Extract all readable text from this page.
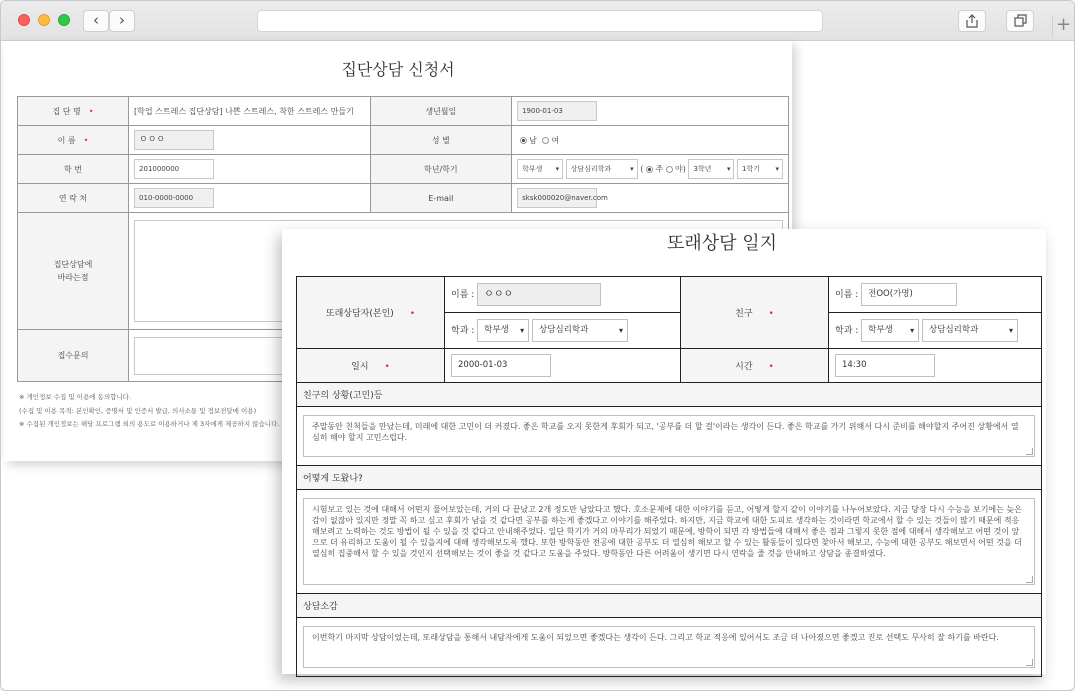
‹	›	+
집단상담 신청서
집 단 명 •	[학업 스트레스 집단상담] 나쁜 스트레스, 착한 스트레스 만들기	생년월일	1900-01-03
이 름 •	ㅇㅇㅇ	성 별	남 여
학 번	201000000	학년/학기	학부생 ▾ 상담심리학과 ▾ ( 주 야) 3학년 ▾ 1학기 ▾
연 락 처	010-0000-0000	E-mail	sksk000020@naver.com
집단상담에
바라는점			

접수문의			
※ 개인정보 수집 및 이용에 동의합니다.
(수집 및 이용 목적: 본인확인, 증명서 및 인증서 발급, 의사소통 및 정보전달에 이용)
※ 수집된 개인정보는 해당 프로그램 외의 용도로 이용하거나 제 3자에게 제공하지 않습니다.
또래상담 일지
또래상담자(본인) •	이름 : ㅇㅇㅇ	친구 •	이름 : 전OO(가명)
	학과 : 학부생 ▾ 상담심리학과 ▾		학과 : 학부생 ▾ 상담심리학과 ▾
일시 •	2000-01-03	시간 •	14:30
친구의 상황(고민)등			

주말동안 친척들을 만났는데, 미래에 대한 고민이 더 커졌다. 좋은 학교를 오지 못한게 후회가 되고, '공부를 더 할 걸'이라는 생각이 든다. 좋은 학교를 가기 위해서 다시 준비를 해야할지 주어진 상황에서 열심히 해야 할지 고민스럽다.			

어떻게 도왔나?			

시험보고 있는 것에 대해서 어떤지 물어보았는데, 거의 다 끝났고 2개 정도만 남았다고 했다. 호소문제에 대한 이야기를 듣고, 어떻게 할지 같이 이야기를 나누어보았다. 지금 당장 다시 수능을 보기에는 늦은 감이 없잖아 있지만 정말 꼭 하고 싶고 후회가 남을 것 같다면 공부를 하는게 좋겠다고 이야기를 해주었다. 하지만, 지금 학교에 대한 도피로 생각하는 것이라면 학교에서 할 수 있는 것들이 많기 때문에 적응해보려고 노력하는 것도 방법이 될 수 있을 것 같다고 안내해주었다. 일단 학기가 거의 마무리가 되었기 때문에, 방학이 되면 각 방법들에 대해서 좋은 점과 그렇지 못한 점에 대해서 생각해보고 어떤 것이 앞으로 더 유리하고 도움이 될 수 있을지에 대해 생각해보도록 했다. 또한 방학동안 전공에 대한 공부도 더 열심히 해보고 할 수 있는 활동들이 있다면 찾아서 해보고, 수능에 대한 공부도 해보면서 어떤 것을 더 열심히 집중해서 할 수 있을 것인지 선택해보는 것이 좋을 것 같다고 도움을 주었다. 방학동안 다른 어려움이 생기면 다시 연락을 줄 것을 안내하고 상담을 종결하였다.			

상담소감			

이번학기 마지막 상담이었는데, 또래상담을 통해서 내담자에게 도움이 되었으면 좋겠다는 생각이 든다. 그리고 학교 적응에 있어서도 조금 더 나아졌으면 좋겠고 진로 선택도 무사히 잘 하기를 바란다.			
